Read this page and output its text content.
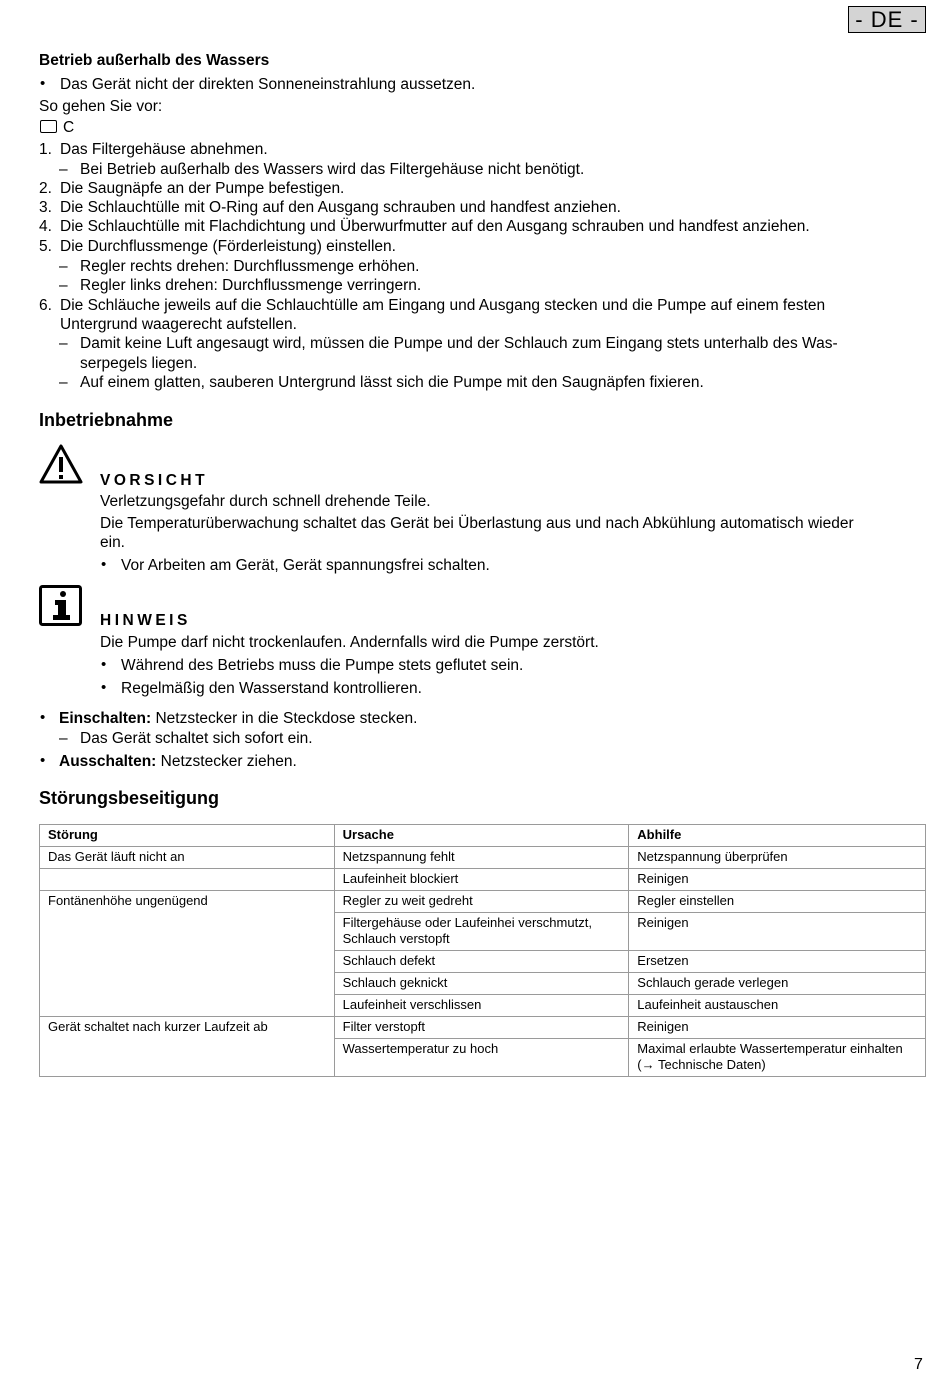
- DE -
Betrieb außerhalb des Wassers
• Das Gerät nicht der direkten Sonneneinstrahlung aussetzen.
So gehen Sie vor:
C
1. Das Filtergehäuse abnehmen.
– Bei Betrieb außerhalb des Wassers wird das Filtergehäuse nicht benötigt.
2. Die Saugnäpfe an der Pumpe befestigen.
3. Die Schlauchtülle mit O-Ring auf den Ausgang schrauben und handfest anziehen.
4. Die Schlauchtülle mit Flachdichtung und Überwurfmutter auf den Ausgang schrauben und handfest anziehen.
5. Die Durchflussmenge (Förderleistung) einstellen.
– Regler rechts drehen: Durchflussmenge erhöhen.
– Regler links drehen: Durchflussmenge verringern.
6. Die Schläuche jeweils auf die Schlauchtülle am Eingang und Ausgang stecken und die Pumpe auf einem festen
Untergrund waagerecht aufstellen.
– Damit keine Luft angesaugt wird, müssen die Pumpe und der Schlauch zum Eingang stets unterhalb des Was-
serpegels liegen.
– Auf einem glatten, sauberen Untergrund lässt sich die Pumpe mit den Saugnäpfen fixieren.
Inbetriebnahme
VORSICHT
Verletzungsgefahr durch schnell drehende Teile.
Die Temperaturüberwachung schaltet das Gerät bei Überlastung aus und nach Abkühlung automatisch wieder
ein.
• Vor Arbeiten am Gerät, Gerät spannungsfrei schalten.
HINWEIS
Die Pumpe darf nicht trockenlaufen. Andernfalls wird die Pumpe zerstört.
• Während des Betriebs muss die Pumpe stets geflutet sein.
• Regelmäßig den Wasserstand kontrollieren.
• Einschalten: Netzstecker in die Steckdose stecken.
– Das Gerät schaltet sich sofort ein.
• Ausschalten: Netzstecker ziehen.
Störungsbeseitigung
Störung	Ursache	Abhilfe
Das Gerät läuft nicht an	Netzspannung fehlt	Netzspannung überprüfen
	Laufeinheit blockiert	Reinigen
Fontänenhöhe ungenügend	Regler zu weit gedreht	Regler einstellen
	Filtergehäuse oder Laufeinhei verschmutzt, Schlauch verstopft	Reinigen
	Schlauch defekt	Ersetzen
	Schlauch geknickt	Schlauch gerade verlegen
	Laufeinheit verschlissen	Laufeinheit austauschen
Gerät schaltet nach kurzer Laufzeit ab	Filter verstopft	Reinigen
	Wassertemperatur zu hoch	Maximal erlaubte Wassertemperatur einhalten (→ Technische Daten)
7
